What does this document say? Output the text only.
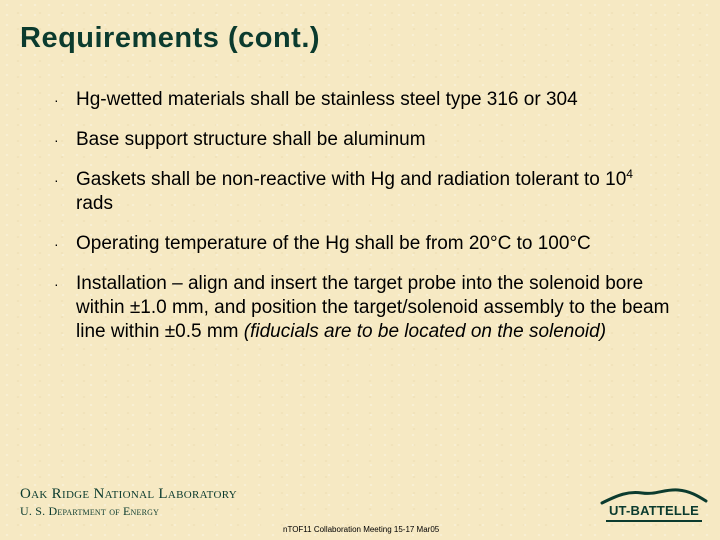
Requirements (cont.)
· Hg-wetted materials shall be stainless steel type 316 or 304
· Base support structure shall be aluminum
· Gaskets shall be non-reactive with Hg and radiation tolerant to $10^4$ rads
· Operating temperature of the Hg shall be from 20°C to 100°C
· Installation – align and insert the target probe into the solenoid bore within ±1.0 mm, and position the target/solenoid assembly to the beam line within ±0.5 mm (fiducials are to be located on the solenoid)
Oak Ridge National Laboratory
U. S. Department of Energy
nTOF11 Collaboration Meeting 15-17 Mar05
UT-BATTELLE
